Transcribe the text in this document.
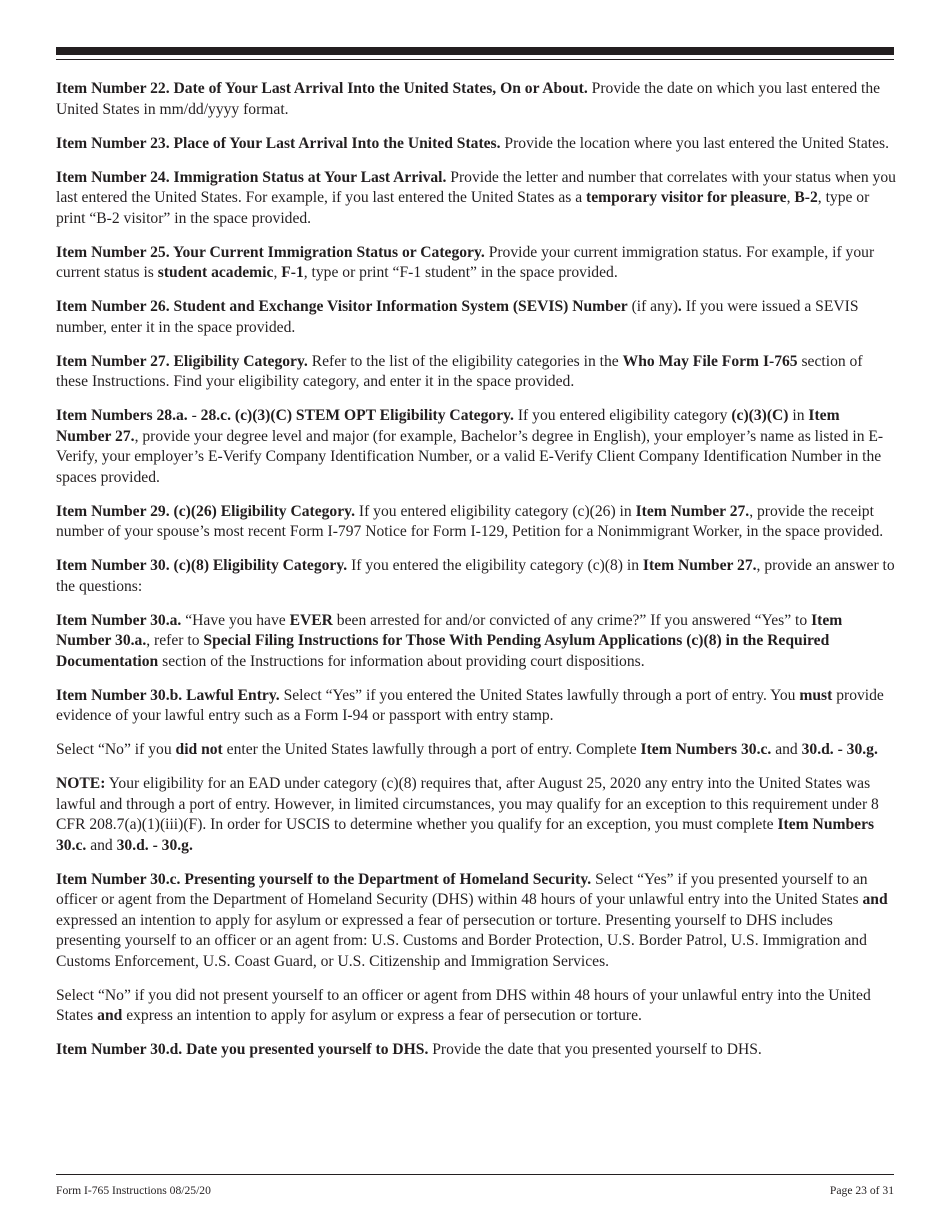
Item Number 22. Date of Your Last Arrival Into the United States, On or About. Provide the date on which you last entered the United States in mm/dd/yyyy format.

Item Number 23. Place of Your Last Arrival Into the United States. Provide the location where you last entered the United States.

Item Number 24. Immigration Status at Your Last Arrival. Provide the letter and number that correlates with your status when you last entered the United States. For example, if you last entered the United States as a temporary visitor for pleasure, B-2, type or print “B-2 visitor” in the space provided.

Item Number 25. Your Current Immigration Status or Category. Provide your current immigration status. For example, if your current status is student academic, F-1, type or print “F-1 student” in the space provided.

Item Number 26. Student and Exchange Visitor Information System (SEVIS) Number (if any). If you were issued a SEVIS number, enter it in the space provided.

Item Number 27. Eligibility Category. Refer to the list of the eligibility categories in the Who May File Form I-765 section of these Instructions. Find your eligibility category, and enter it in the space provided.

Item Numbers 28.a. - 28.c. (c)(3)(C) STEM OPT Eligibility Category. If you entered eligibility category (c)(3)(C) in Item Number 27., provide your degree level and major (for example, Bachelor’s degree in English), your employer’s name as listed in E-Verify, your employer’s E-Verify Company Identification Number, or a valid E-Verify Client Company Identification Number in the spaces provided.

Item Number 29. (c)(26) Eligibility Category. If you entered eligibility category (c)(26) in Item Number 27., provide the receipt number of your spouse’s most recent Form I-797 Notice for Form I-129, Petition for a Nonimmigrant Worker, in the space provided.

Item Number 30. (c)(8) Eligibility Category. If you entered the eligibility category (c)(8) in Item Number 27., provide an answer to the questions:

Item Number 30.a. “Have you have EVER been arrested for and/or convicted of any crime?” If you answered “Yes” to Item Number 30.a., refer to Special Filing Instructions for Those With Pending Asylum Applications (c)(8) in the Required Documentation section of the Instructions for information about providing court dispositions.

Item Number 30.b. Lawful Entry. Select “Yes” if you entered the United States lawfully through a port of entry. You must provide evidence of your lawful entry such as a Form I-94 or passport with entry stamp.

Select “No” if you did not enter the United States lawfully through a port of entry. Complete Item Numbers 30.c. and 30.d. - 30.g.

NOTE: Your eligibility for an EAD under category (c)(8) requires that, after August 25, 2020 any entry into the United States was lawful and through a port of entry. However, in limited circumstances, you may qualify for an exception to this requirement under 8 CFR 208.7(a)(1)(iii)(F). In order for USCIS to determine whether you qualify for an exception, you must complete Item Numbers 30.c. and 30.d. - 30.g.

Item Number 30.c. Presenting yourself to the Department of Homeland Security. Select “Yes” if you presented yourself to an officer or agent from the Department of Homeland Security (DHS) within 48 hours of your unlawful entry into the United States and expressed an intention to apply for asylum or expressed a fear of persecution or torture. Presenting yourself to DHS includes presenting yourself to an officer or an agent from: U.S. Customs and Border Protection, U.S. Border Patrol, U.S. Immigration and Customs Enforcement, U.S. Coast Guard, or U.S. Citizenship and Immigration Services.

Select “No” if you did not present yourself to an officer or agent from DHS within 48 hours of your unlawful entry into the United States and express an intention to apply for asylum or express a fear of persecution or torture.

Item Number 30.d. Date you presented yourself to DHS. Provide the date that you presented yourself to DHS.

Form I-765 Instructions 08/25/20	Page 23 of 31
